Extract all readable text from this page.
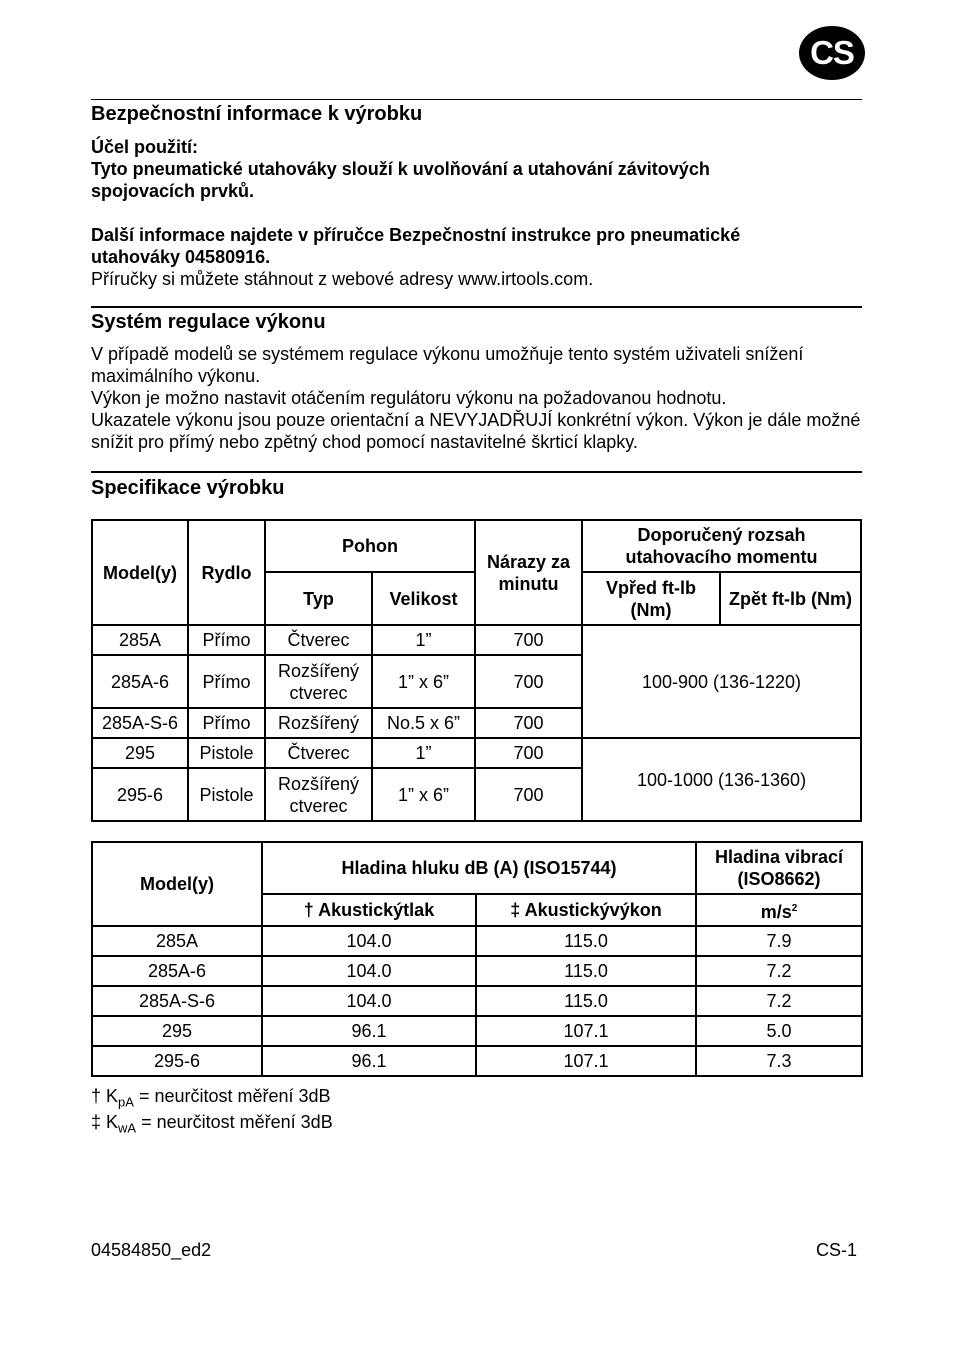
CS
Bezpečnostní informace k výrobku

Účel použití:

Tyto pneumatické utahováky slouží k uvolňování a utahování závitových spojovacích prvků.

Další informace najdete v příručce Bezpečnostní instrukce pro pneumatické utahováky 04580916.

Příručky si můžete stáhnout z webové adresy www.irtools.com.

Systém regulace výkonu

V případě modelů se systémem regulace výkonu umožňuje tento systém uživateli snížení maximálního výkonu.

Výkon je možno nastavit otáčením regulátoru výkonu na požadovanou hodnotu.

Ukazatele výkonu jsou pouze orientační a NEVYJADŘUJÍ konkrétní výkon. Výkon je dále možné snížit pro přímý nebo zpětný chod pomocí nastavitelné škrticí klapky.

Specifikace výrobku
Model(y)	Rydlo	Pohon		Nárazy za minutu	Doporučený rozsah utahovacího momentu	
		Typ	Velikost		Vpřed ft-lb (Nm)	Zpět ft-lb (Nm)
285A	Přímo	Čtverec	1”	700	100-900 (136-1220)	
285A-6	Přímo	Rozšířený ctverec	1” x 6”	700		
285A-S-6	Přímo	Rozšířený	No.5 x 6”	700		
295	Pistole	Čtverec	1”	700	100-1000 (136-1360)	
295-6	Pistole	Rozšířený ctverec	1” x 6”	700		
Model(y)	Hladina hluku dB (A) (ISO15744)		Hladina vibrací (ISO8662)
	† Akustickýtlak	‡ Akustickývýkon	$m/s^2$
285A	104.0	115.0	7.9
285A-6	104.0	115.0	7.2
285A-S-6	104.0	115.0	7.2
295	96.1	107.1	5.0
295-6	96.1	107.1	7.3
† $K_{pA}$ = neurčitost měření 3dB
‡ $K_{wA}$ = neurčitost měření 3dB
04584850_ed2	CS-1
